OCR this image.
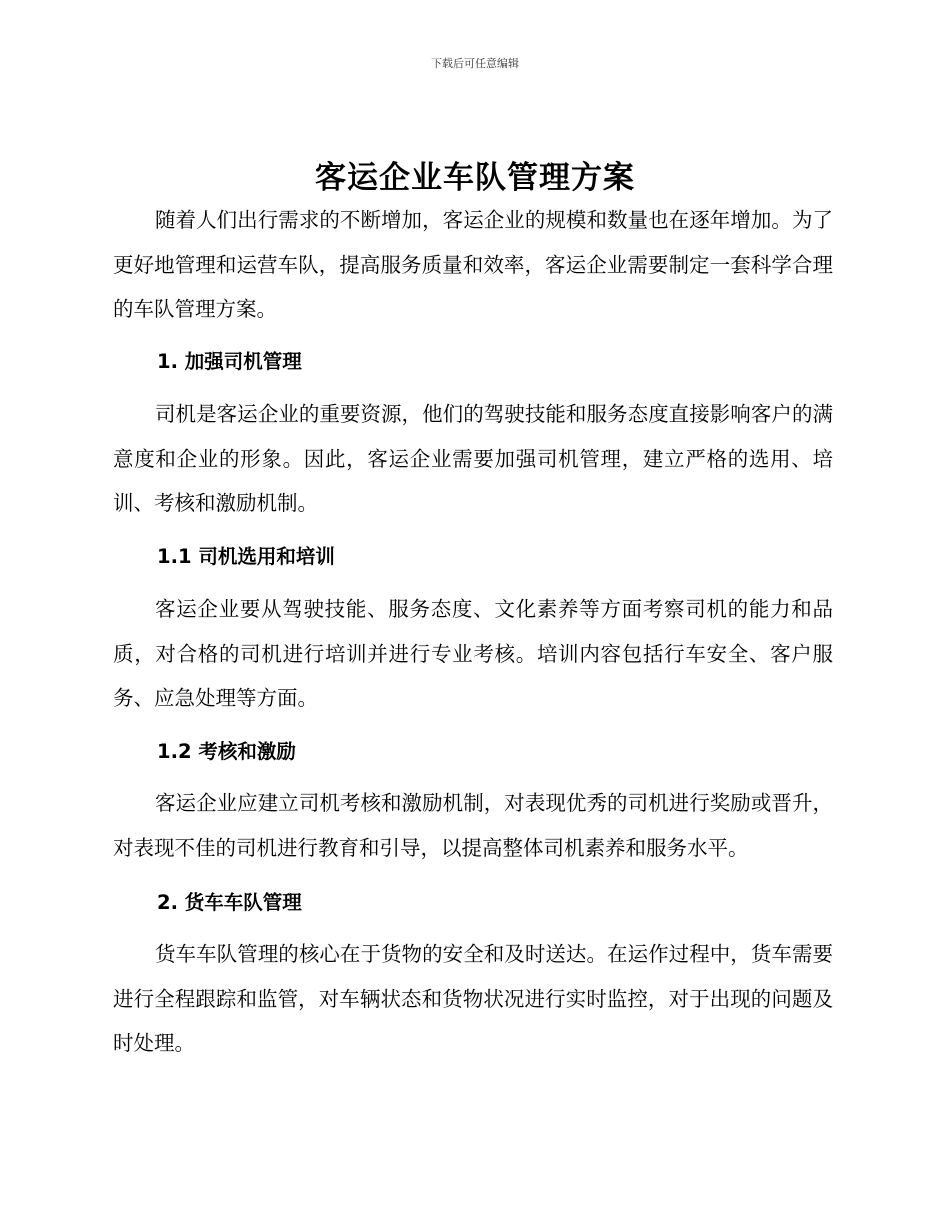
下载后可任意编辑
客运企业车队管理方案

随着人们出行需求的不断增加，客运企业的规模和数量也在逐年增加。为了更好地管理和运营车队，提高服务质量和效率，客运企业需要制定一套科学合理的车队管理方案。

1. 加强司机管理

司机是客运企业的重要资源，他们的驾驶技能和服务态度直接影响客户的满意度和企业的形象。因此，客运企业需要加强司机管理，建立严格的选用、培训、考核和激励机制。

1.1 司机选用和培训

客运企业要从驾驶技能、服务态度、文化素养等方面考察司机的能力和品质，对合格的司机进行培训并进行专业考核。培训内容包括行车安全、客户服务、应急处理等方面。

1.2 考核和激励

客运企业应建立司机考核和激励机制，对表现优秀的司机进行奖励或晋升，对表现不佳的司机进行教育和引导，以提高整体司机素养和服务水平。

2. 货车车队管理

货车车队管理的核心在于货物的安全和及时送达。在运作过程中，货车需要进行全程跟踪和监管，对车辆状态和货物状况进行实时监控，对于出现的问题及时处理。
